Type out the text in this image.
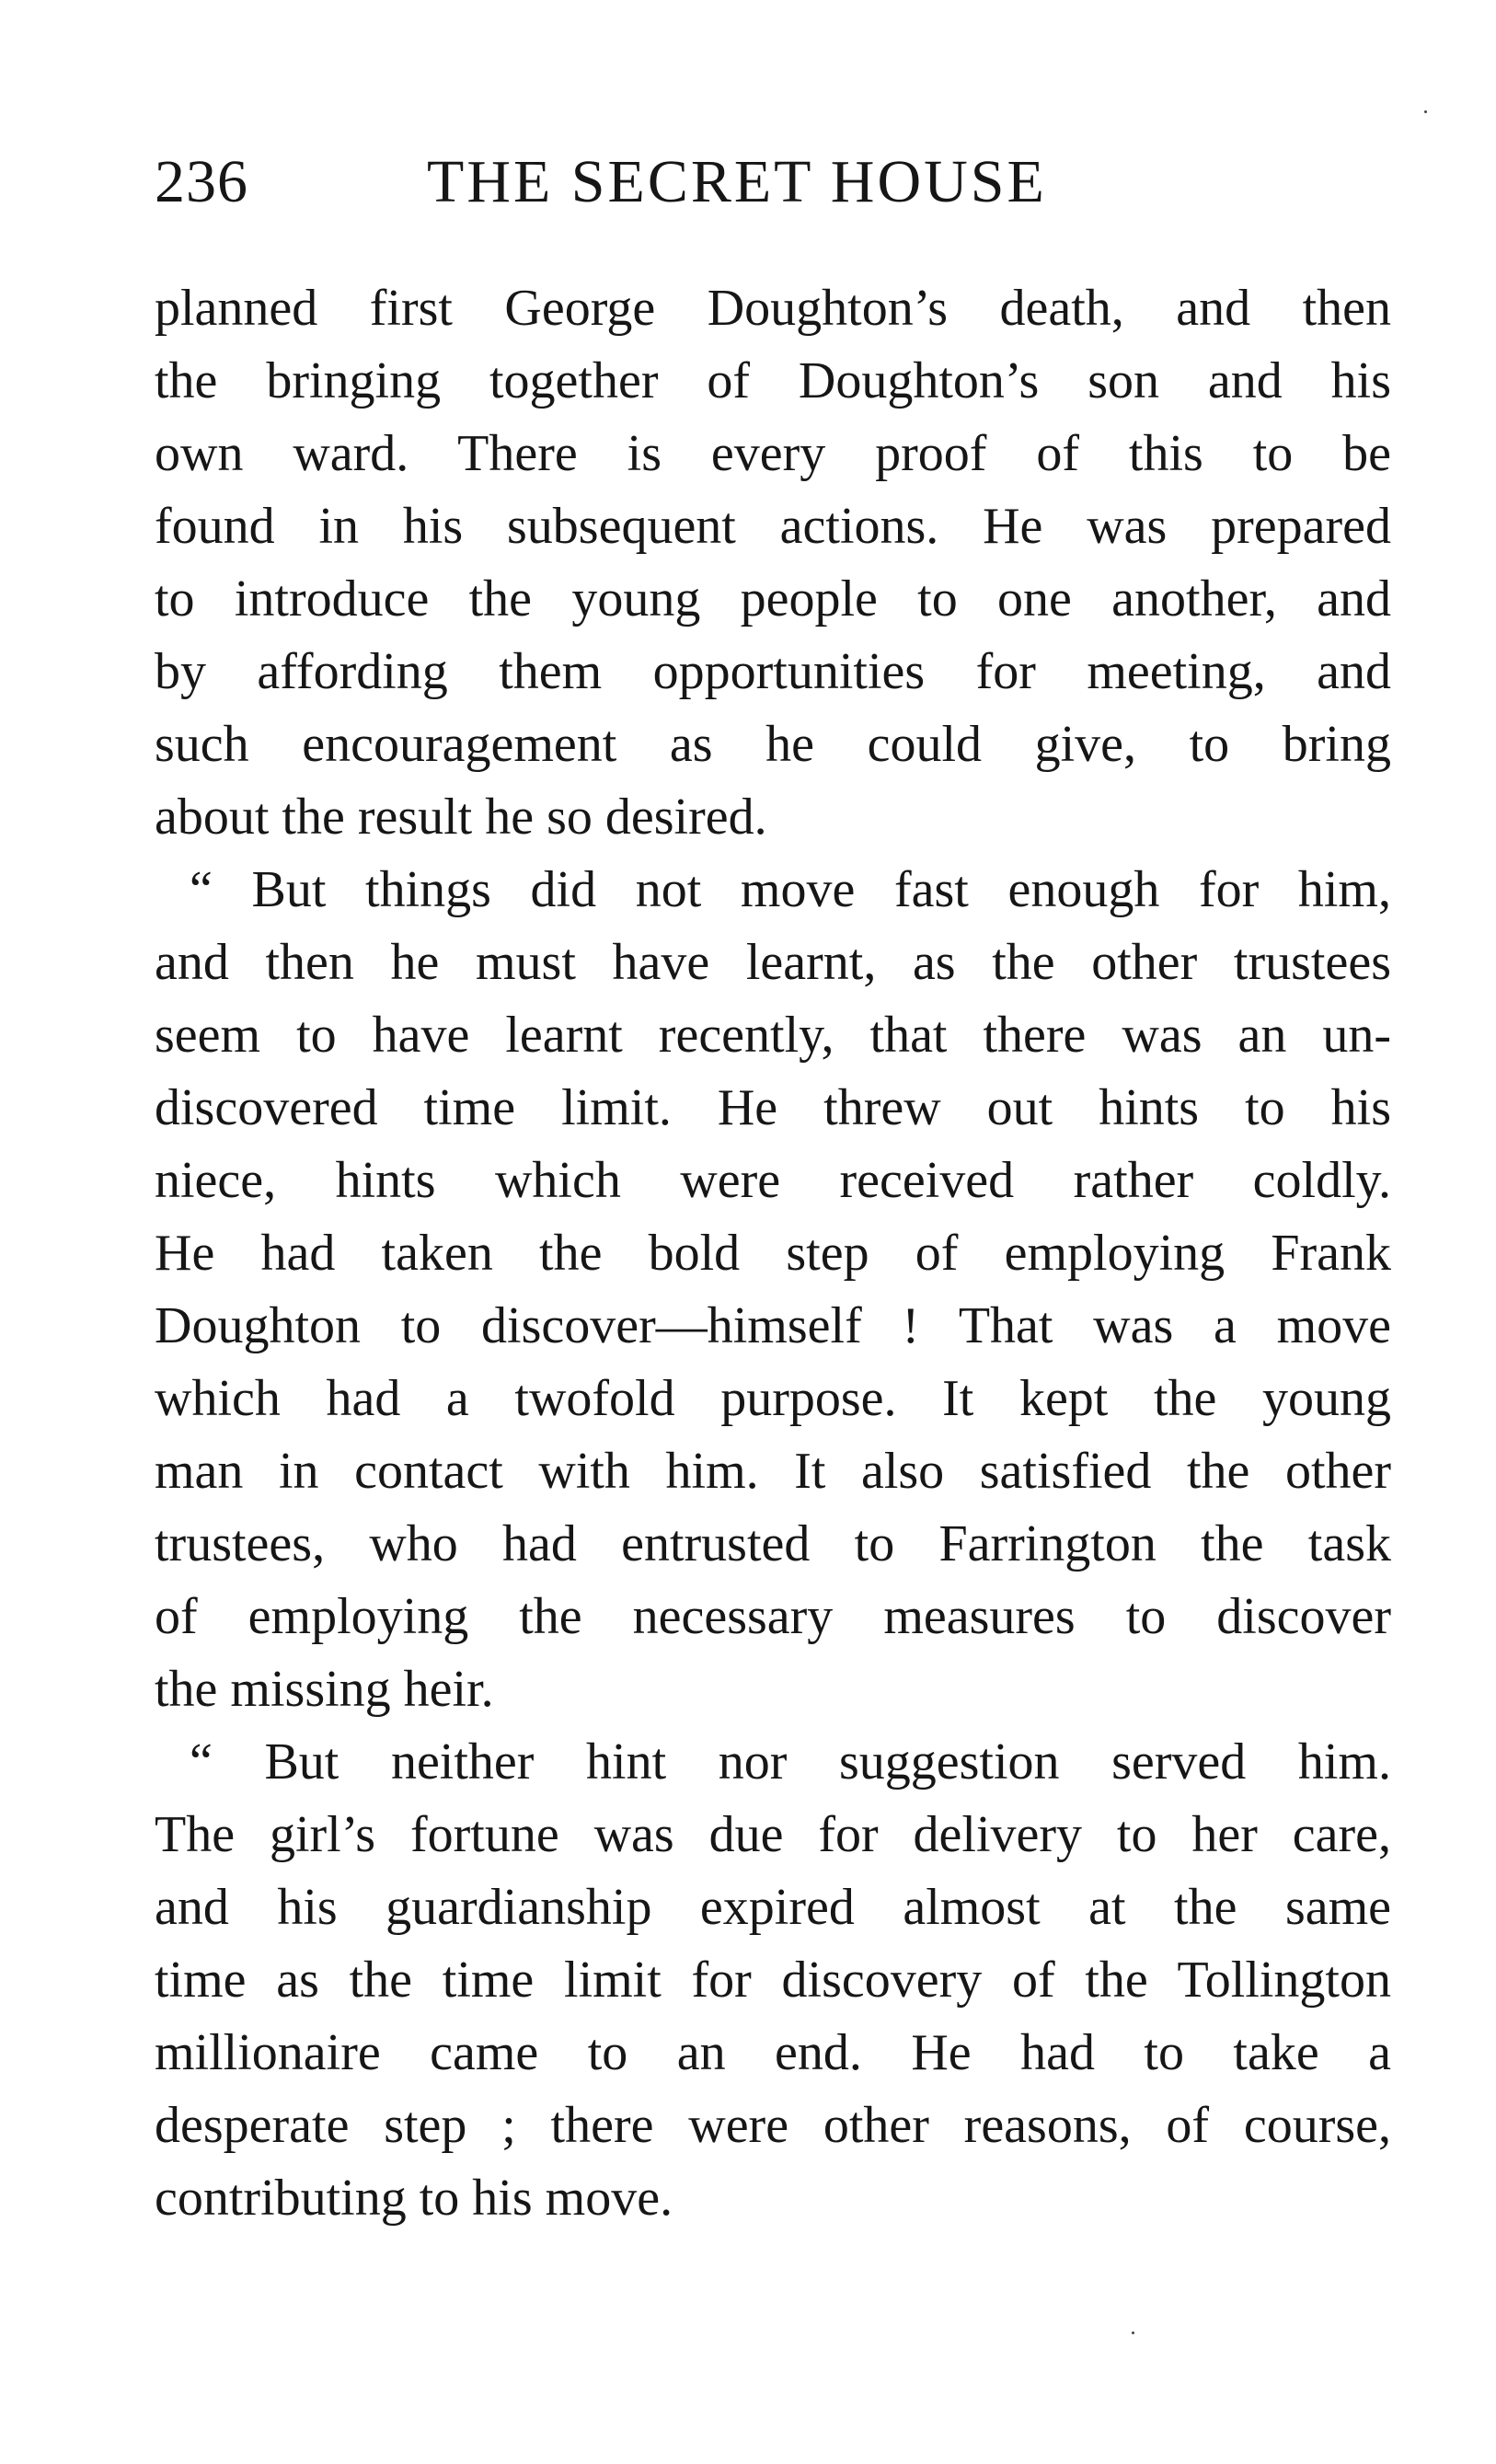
236	THE SECRET HOUSE
planned first George Doughton’s death, and then
the bringing together of Doughton’s son and his
own ward. There is every proof of this to be
found in his subsequent actions. He was prepared
to introduce the young people to one another, and
by affording them opportunities for meeting, and
such encouragement as he could give, to bring
about the result he so desired.
“ But things did not move fast enough for him,
and then he must have learnt, as the other trustees
seem to have learnt recently, that there was an un-
discovered time limit. He threw out hints to his
niece, hints which were received rather coldly.
He had taken the bold step of employing Frank
Doughton to discover—himself ! That was a move
which had a twofold purpose. It kept the young
man in contact with him. It also satisfied the other
trustees, who had entrusted to Farrington the task
of employing the necessary measures to discover
the missing heir.
“ But neither hint nor suggestion served him.
The girl’s fortune was due for delivery to her care,
and his guardianship expired almost at the same
time as the time limit for discovery of the Tollington
millionaire came to an end. He had to take a
desperate step ; there were other reasons, of course,
contributing to his move.
